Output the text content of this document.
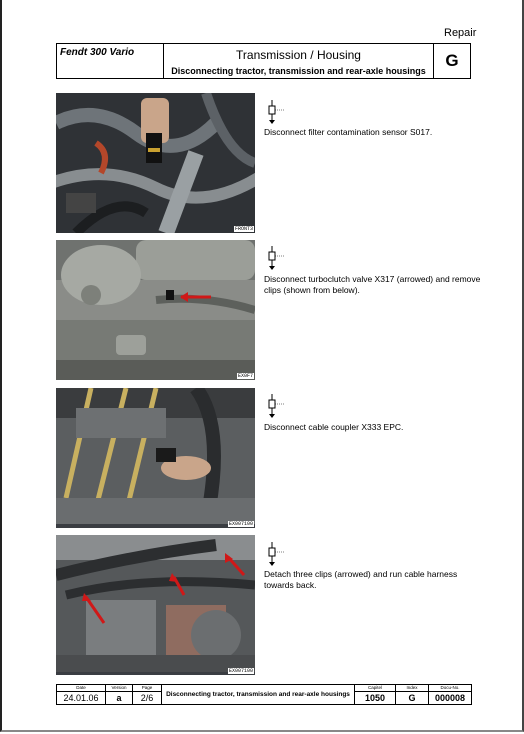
Repair
Fendt 300 Vario	Transmission / Housing
Disconnecting tractor, transmission and rear-axle housings
G
FRONT3
Disconnect filter contamination sensor S017.
EX0F7
Disconnect turboclutch valve X317 (arrowed) and remove clips (shown from below).
EX007100
Disconnect cable coupler X333 EPC.
EX007100
Detach three clips (arrowed) and run cable harness towards back.
Date	Version	Page	Disconnecting tractor, transmission and rear-axle housings	Capitel	Index	Docu-No.
24.01.06	a	2/6		1050	G	000008
